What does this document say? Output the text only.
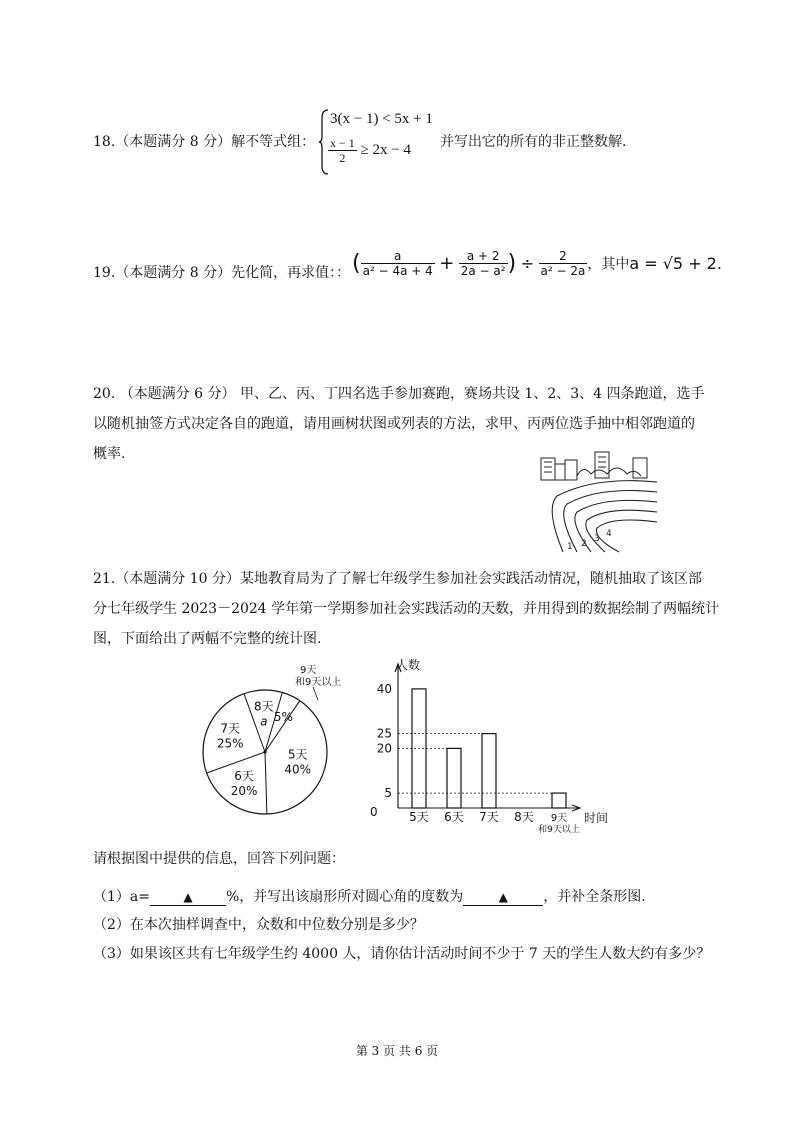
18.（本题满分 8 分）解不等式组：
3(x − 1) < 5x + 1
$\frac{x - 1}{2} \ge 2x - 4$ 并写出它的所有的非正整数解.
19.（本题满分 8 分）先化简，再求值：： ( $\frac{a}{\text{a² − 4a + 4}} + \frac{a + 2}{\text{2a − a²}}$ ) ÷ $\frac{2}{\text{a² − 2a}}$ ，其中a = √5 + 2.
20. （本题满分 6 分） 甲、乙、丙、丁四名选手参加赛跑，赛场共设 1、2、3、4 四条跑道，选手
以随机抽签方式决定各自的跑道，请用画树状图或列表的方法，求甲、丙两位选手抽中相邻跑道的
概率.
1 2 3 4
21.（本题满分 10 分）某地教育局为了了解七年级学生参加社会实践活动情况，随机抽取了该区部
分七年级学生 2023－2024 学年第一学期参加社会实践活动的天数，并用得到的数据绘制了两幅统计
图，下面给出了两幅不完整的统计图.
9天
和9天以上
8天
a 5%
5天
40%
6天
20%
7天
25%
人数
时间
0
5
20
25
40
5天 6天 7天 8天 9天
和9天以上
请根据图中提供的信息，回答下列问题：
（1）a=	▲ %，并写出该扇形所对圆心角的度数为	▲	，并补全条形图.
（2）在本次抽样调查中，众数和中位数分别是多少？
（3）如果该区共有七年级学生约 4000 人，请你估计活动时间不少于 7 天的学生人数大约有多少？
第 3 页 共 6 页
